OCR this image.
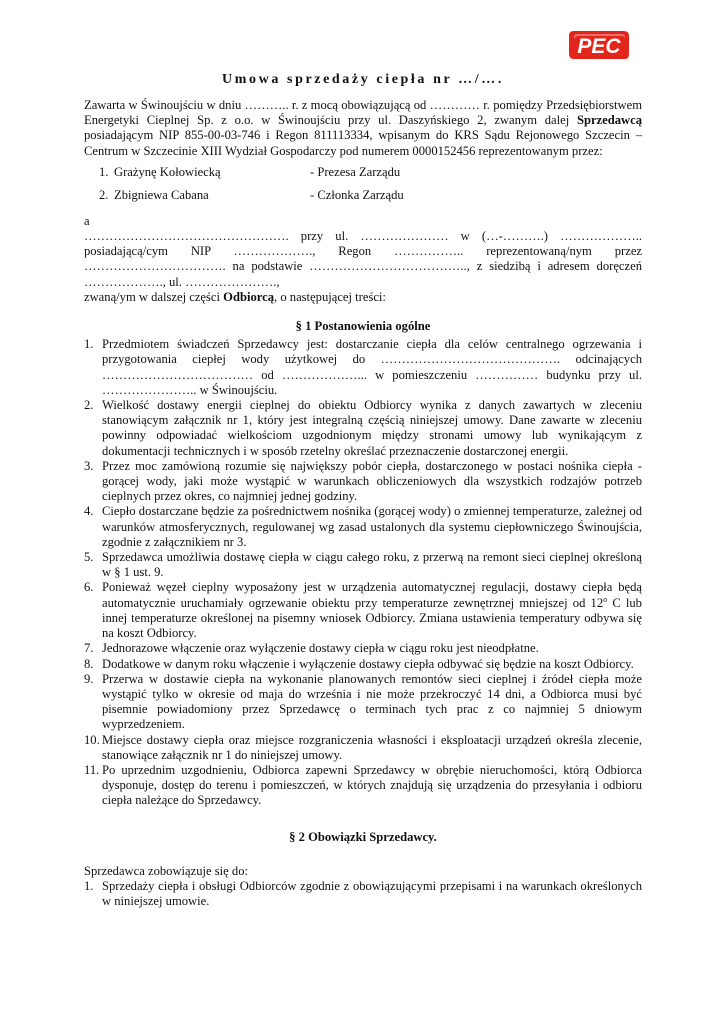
PEC
Umowa sprzedaży ciepła nr …/….

Zawarta w Świnoujściu w dniu ……….. r. z mocą obowiązującą od ………… r. pomiędzy Przedsiębiorstwem Energetyki Cieplnej Sp. z o.o. w Świnoujściu przy ul. Daszyńskiego 2, zwanym dalej Sprzedawcą posiadającym NIP 855-00-03-746 i Regon 811113334, wpisanym do KRS Sądu Rejonowego Szczecin – Centrum w Szczecinie XIII Wydział Gospodarczy pod numerem 0000152456 reprezentowanym przez:

1. Grażynę Kołowiecką	- Prezesa Zarządu
2. Zbigniewa Cabana	- Członka Zarządu

a

…………………………………………. przy ul. ………………… w (…-……….) ……………….. posiadającą/cym NIP ………………., Regon …………….. reprezentowaną/nym przez ……………………………. na podstawie ……………………………….., z siedzibą i adresem doręczeń ………………., ul. ………………….,

zwaną/ym w dalszej części Odbiorcą, o następującej treści:

§ 1 Postanowienia ogólne

1. Przedmiotem świadczeń Sprzedawcy jest: dostarczanie ciepła dla celów centralnego ogrzewania i przygotowania ciepłej wody użytkowej do ……………………………………. odcinających ……………………………… od ………………... w pomieszczeniu …………… budynku przy ul. ………………….. w Świnoujściu.
2. Wielkość dostawy energii cieplnej do obiektu Odbiorcy wynika z danych zawartych w zleceniu stanowiącym załącznik nr 1, który jest integralną częścią niniejszej umowy. Dane zawarte w zleceniu powinny odpowiadać wielkościom uzgodnionym między stronami umowy lub wynikającym z dokumentacji technicznych i w sposób rzetelny określać przeznaczenie dostarczonej energii.
3. Przez moc zamówioną rozumie się największy pobór ciepła, dostarczonego w postaci nośnika ciepła -gorącej wody, jaki może wystąpić w warunkach obliczeniowych dla wszystkich rodzajów potrzeb cieplnych przez okres, co najmniej jednej godziny.
4. Ciepło dostarczane będzie za pośrednictwem nośnika (gorącej wody) o zmiennej temperaturze, zależnej od warunków atmosferycznych, regulowanej wg zasad ustalonych dla systemu ciepłowniczego Świnoujścia, zgodnie z załącznikiem nr 3.
5. Sprzedawca umożliwia dostawę ciepła w ciągu całego roku, z przerwą na remont sieci cieplnej określoną w § 1 ust. 9.
6. Ponieważ węzeł cieplny wyposażony jest w urządzenia automatycznej regulacji, dostawy ciepła będą automatycznie uruchamiały ogrzewanie obiektu przy temperaturze zewnętrznej mniejszej od 12$^o$ C lub innej temperaturze określonej na pisemny wniosek Odbiorcy. Zmiana ustawienia temperatury odbywa się na koszt Odbiorcy.
7. Jednorazowe włączenie oraz wyłączenie dostawy ciepła w ciągu roku jest nieodpłatne.
8. Dodatkowe w danym roku włączenie i wyłączenie dostawy ciepła odbywać się będzie na koszt Odbiorcy.
9. Przerwa w dostawie ciepła na wykonanie planowanych remontów sieci cieplnej i źródeł ciepła może wystąpić tylko w okresie od maja do września i nie może przekroczyć 14 dni, a Odbiorca musi być pisemnie powiadomiony przez Sprzedawcę o terminach tych prac z co najmniej 5 dniowym wyprzedzeniem.
10. Miejsce dostawy ciepła oraz miejsce rozgraniczenia własności i eksploatacji urządzeń określa zlecenie, stanowiące załącznik nr 1 do niniejszej umowy.
11. Po uprzednim uzgodnieniu, Odbiorca zapewni Sprzedawcy w obrębie nieruchomości, którą Odbiorca dysponuje, dostęp do terenu i pomieszczeń, w których znajdują się urządzenia do przesyłania i odbioru ciepła należące do Sprzedawcy.

§ 2 Obowiązki Sprzedawcy.

Sprzedawca zobowiązuje się do:

1. Sprzedaży ciepła i obsługi Odbiorców zgodnie z obowiązującymi przepisami i na warunkach określonych w niniejszej umowie.
